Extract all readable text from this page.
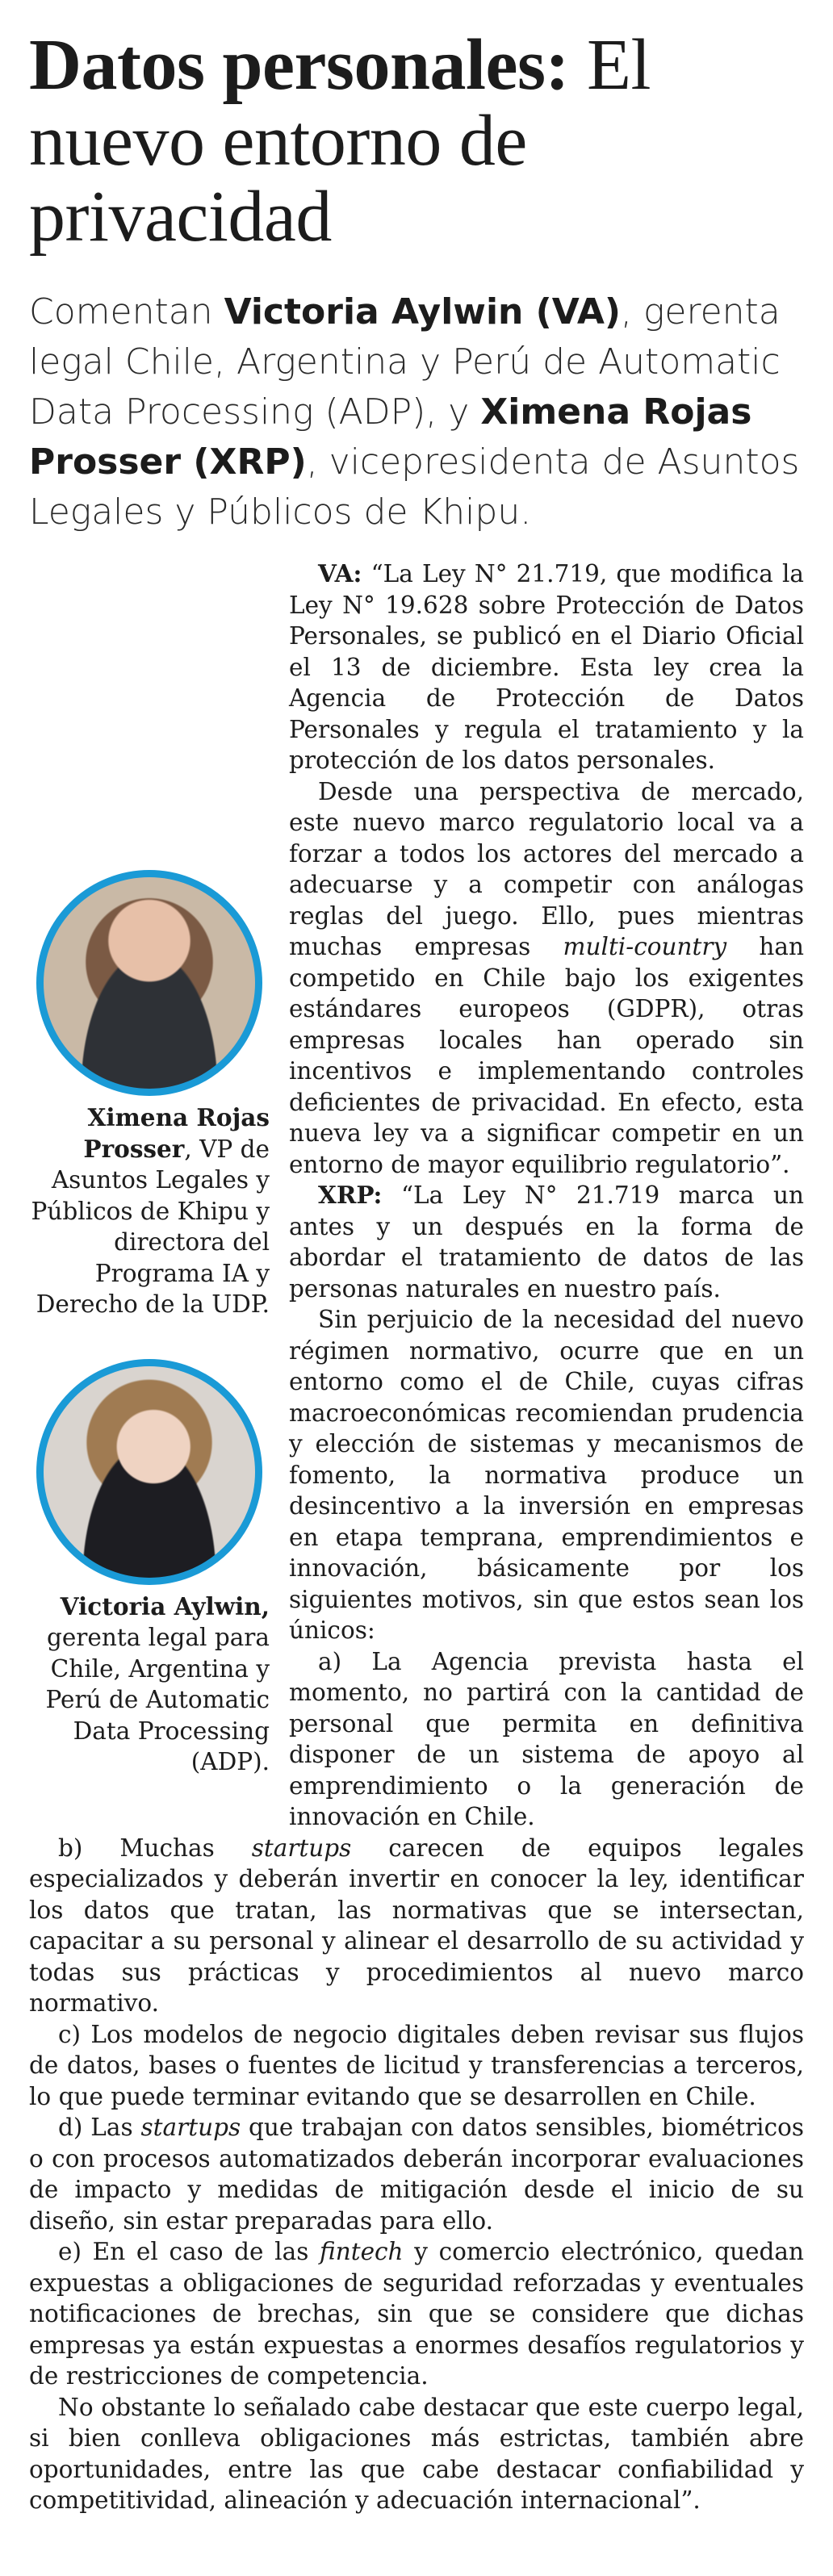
Datos personales: El nuevo entorno de privacidad
Comentan Victoria Aylwin (VA), gerenta legal Chile, Argentina y Perú de Automatic Data Processing (ADP), y Ximena Rojas Prosser (XRP), vicepresidenta de Asuntos Legales y Públicos de Khipu.
Ximena Rojas Prosser, VP de Asuntos Legales y Públicos de Khipu y directora del Programa IA y Derecho de la UDP.
Victoria Aylwin, gerenta legal para Chile, Argentina y Perú de Automatic Data Processing (ADP).

VA: “La Ley N° 21.719, que modifica la Ley N° 19.628 sobre Protección de Datos Personales, se publicó en el Diario Oficial el 13 de diciembre. Esta ley crea la Agencia de Protección de Datos Personales y regula el tratamiento y la protección de los datos personales.

Desde una perspectiva de mercado, este nuevo marco regulatorio local va a forzar a todos los actores del mercado a adecuarse y a competir con análogas reglas del juego. Ello, pues mientras muchas empresas multi-country han competido en Chile bajo los exigentes estándares europeos (GDPR), otras empresas locales han operado sin incentivos e implementando controles deficientes de privacidad. En efecto, esta nueva ley va a significar competir en un entorno de mayor equilibrio regulatorio”.

XRP: “La Ley N° 21.719 marca un antes y un después en la forma de abordar el tratamiento de datos de las personas naturales en nuestro país.

Sin perjuicio de la necesidad del nuevo régimen normativo, ocurre que en un entorno como el de Chile, cuyas cifras macroeconómicas recomiendan prudencia y elección de sistemas y mecanismos de fomento, la normativa produce un desincentivo a la inversión en empresas en etapa temprana, emprendimientos e innovación, básicamente por los siguientes motivos, sin que estos sean los únicos:

a) La Agencia prevista hasta el momento, no partirá con la cantidad de personal que permita en definitiva disponer de un sistema de apoyo al emprendimiento o la generación de innovación en Chile.

b) Muchas startups carecen de equipos legales especializados y deberán invertir en conocer la ley, identificar los datos que tratan, las normativas que se intersectan, capacitar a su personal y alinear el desarrollo de su actividad y todas sus prácticas y procedimientos al nuevo marco normativo.

c) Los modelos de negocio digitales deben revisar sus flujos de datos, bases o fuentes de licitud y transferencias a terceros, lo que puede terminar evitando que se desarrollen en Chile.

d) Las startups que trabajan con datos sensibles, biométricos o con procesos automatizados deberán incorporar evaluaciones de impacto y medidas de mitigación desde el inicio de su diseño, sin estar preparadas para ello.

e) En el caso de las fintech y comercio electrónico, quedan expuestas a obligaciones de seguridad reforzadas y eventuales notificaciones de brechas, sin que se considere que dichas empresas ya están expuestas a enormes desafíos regulatorios y de restricciones de competencia.

No obstante lo señalado cabe destacar que este cuerpo legal, si bien conlleva obligaciones más estrictas, también abre oportunidades, entre las que cabe destacar confiabilidad y competitividad, alineación y adecuación internacional”.
